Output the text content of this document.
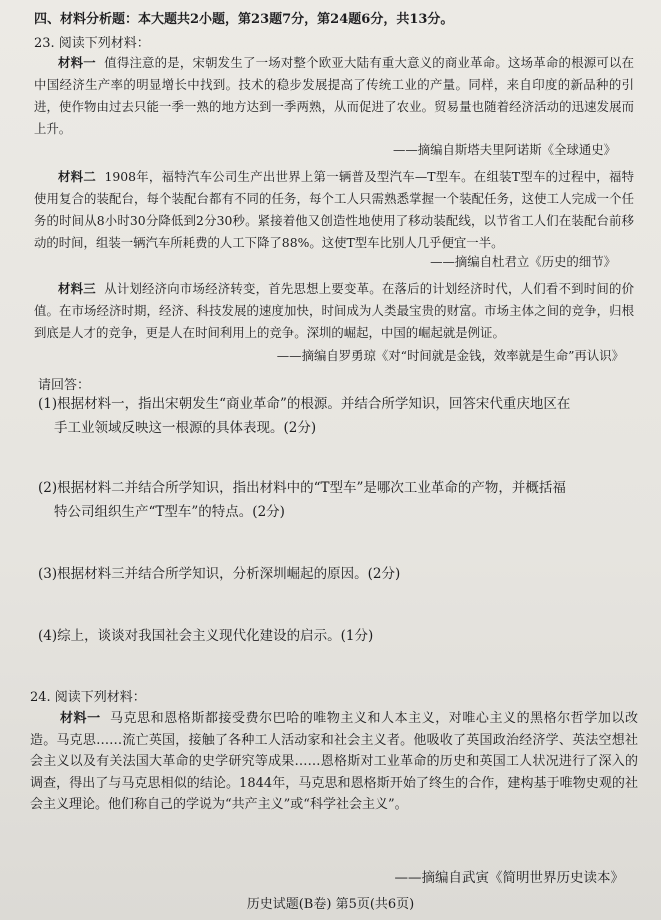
四、材料分析题：本大题共2小题，第23题7分，第24题6分，共13分。

23. 阅读下列材料：

材料一 值得注意的是，宋朝发生了一场对整个欧亚大陆有重大意义的商业革命。这场革命的根源可以在中国经济生产率的明显增长中找到。技术的稳步发展提高了传统工业的产量。同样，来自印度的新品种的引进，使作物由过去只能一季一熟的地方达到一季两熟，从而促进了农业。贸易量也随着经济活动的迅速发展而上升。

——摘编自斯塔夫里阿诺斯《全球通史》

材料二 1908年，福特汽车公司生产出世界上第一辆普及型汽车—T型车。在组装T型车的过程中，福特使用复合的装配台，每个装配台都有不同的任务，每个工人只需熟悉掌握一个装配任务，这使工人完成一个任务的时间从8小时30分降低到2分30秒。紧接着他又创造性地使用了移动装配线，以节省工人们在装配台前移动的时间，组装一辆汽车所耗费的人工下降了88%。这使T型车比别人几乎便宜一半。

——摘编自杜君立《历史的细节》

材料三 从计划经济向市场经济转变，首先思想上要变革。在落后的计划经济时代，人们看不到时间的价值。在市场经济时期，经济、科技发展的速度加快，时间成为人类最宝贵的财富。市场主体之间的竞争，归根到底是人才的竞争，更是人在时间利用上的竞争。深圳的崛起，中国的崛起就是例证。

——摘编自罗勇琼《对“时间就是金钱，效率就是生命”再认识》

请回答：

(1)根据材料一，指出宋朝发生“商业革命”的根源。并结合所学知识，回答宋代重庆地区在

手工业领域反映这一根源的具体表现。(2分)

(2)根据材料二并结合所学知识，指出材料中的“T型车”是哪次工业革命的产物，并概括福

特公司组织生产“T型车”的特点。(2分)

(3)根据材料三并结合所学知识，分析深圳崛起的原因。(2分)

(4)综上，谈谈对我国社会主义现代化建设的启示。(1分)

24. 阅读下列材料：

材料一 马克思和恩格斯都接受费尔巴哈的唯物主义和人本主义，对唯心主义的黑格尔哲学加以改造。马克思……流亡英国，接触了各种工人活动家和社会主义者。他吸收了英国政治经济学、英法空想社会主义以及有关法国大革命的史学研究等成果……恩格斯对工业革命的历史和英国工人状况进行了深入的调查，得出了与马克思相似的结论。1844年，马克思和恩格斯开始了终生的合作，建构基于唯物史观的社会主义理论。他们称自己的学说为“共产主义”或“科学社会主义”。

——摘编自武寅《简明世界历史读本》

历史试题(B卷) 第5页(共6页)
